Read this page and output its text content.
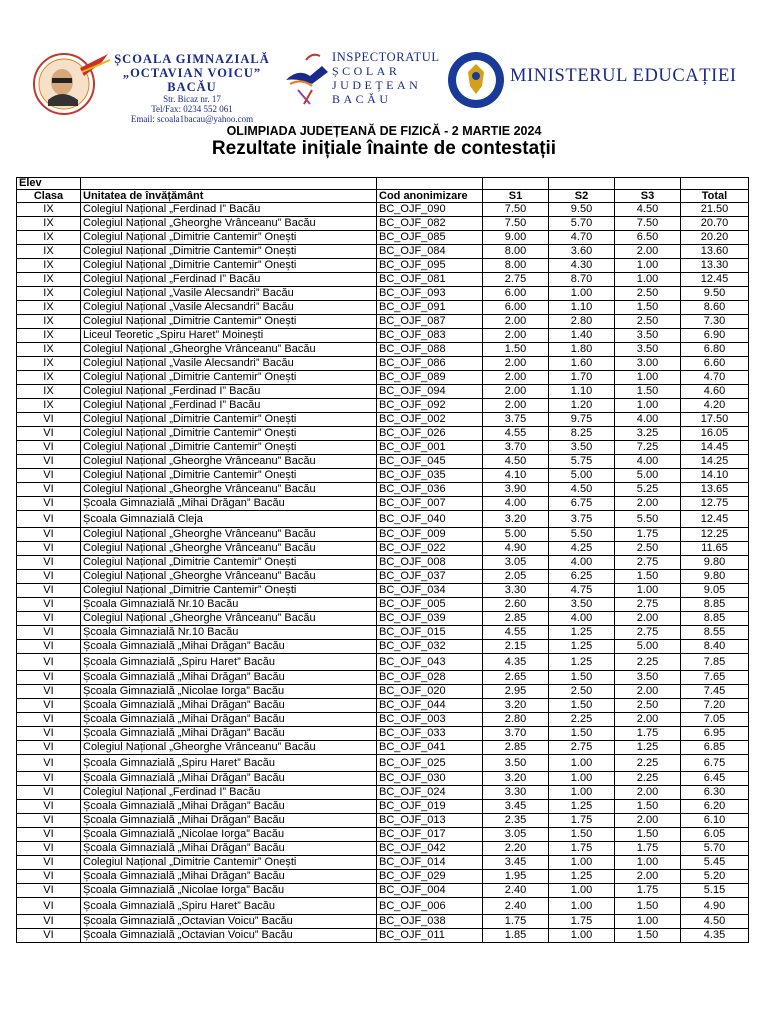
ȘCOALA GIMNAZIALĂ
„OCTAVIAN VOICU” BACĂU
Str. Bicaz nr. 17
Tel/Fax: 0234 552 061
Email: scoala1bacau@yahoo.com
INSPECTORATUL
ȘCOLAR
JUDEȚEAN
BACĂU
MINISTERUL EDUCAȚIEI
OLIMPIADA JUDEȚEANĂ DE FIZICĂ - 2 MARTIE 2024
Rezultate inițiale înainte de contestații
Elev						
Clasa	Unitatea de învățământ	Cod anonimizare	S1	S2	S3	Total
IX	Colegiul Național „Ferdinad I” Bacău	BC_OJF_090	7.50	9.50	4.50	21.50
IX	Colegiul Național „Gheorghe Vrânceanu” Bacău	BC_OJF_082	7.50	5.70	7.50	20.70
IX	Colegiul Național „Dimitrie Cantemir” Onești	BC_OJF_085	9.00	4.70	6.50	20.20
IX	Colegiul Național „Dimitrie Cantemir” Onești	BC_OJF_084	8.00	3.60	2.00	13.60
IX	Colegiul Național „Dimitrie Cantemir” Onești	BC_OJF_095	8.00	4.30	1.00	13.30
IX	Colegiul Național „Ferdinad I” Bacău	BC_OJF_081	2.75	8.70	1.00	12.45
IX	Colegiul Național „Vasile Alecsandri” Bacău	BC_OJF_093	6.00	1.00	2.50	9.50
IX	Colegiul Național „Vasile Alecsandri” Bacău	BC_OJF_091	6.00	1.10	1.50	8.60
IX	Colegiul Național „Dimitrie Cantemir” Onești	BC_OJF_087	2.00	2.80	2.50	7.30
IX	Liceul Teoretic „Spiru Haret” Moinești	BC_OJF_083	2.00	1.40	3.50	6.90
IX	Colegiul Național „Gheorghe Vrânceanu” Bacău	BC_OJF_088	1.50	1.80	3.50	6.80
IX	Colegiul Național „Vasile Alecsandri” Bacău	BC_OJF_086	2.00	1.60	3.00	6.60
IX	Colegiul Național „Dimitrie Cantemir” Onești	BC_OJF_089	2.00	1.70	1.00	4.70
IX	Colegiul Național „Ferdinad I” Bacău	BC_OJF_094	2.00	1.10	1.50	4.60
IX	Colegiul Național „Ferdinad I” Bacău	BC_OJF_092	2.00	1.20	1.00	4.20
VI	Colegiul Național „Dimitrie Cantemir” Onești	BC_OJF_002	3.75	9.75	4.00	17.50
VI	Colegiul Național „Dimitrie Cantemir” Onești	BC_OJF_026	4.55	8.25	3.25	16.05
VI	Colegiul Național „Dimitrie Cantemir” Onești	BC_OJF_001	3.70	3.50	7.25	14.45
VI	Colegiul Național „Gheorghe Vrânceanu” Bacău	BC_OJF_045	4.50	5.75	4.00	14.25
VI	Colegiul Național „Dimitrie Cantemir” Onești	BC_OJF_035	4.10	5.00	5.00	14.10
VI	Colegiul Național „Gheorghe Vrânceanu” Bacău	BC_OJF_036	3.90	4.50	5.25	13.65
VI	Școala Gimnazială „Mihai Drăgan” Bacău	BC_OJF_007	4.00	6.75	2.00	12.75
VI	Școala Gimnazială Cleja	BC_OJF_040	3.20	3.75	5.50	12.45
VI	Colegiul Național „Gheorghe Vrânceanu” Bacău	BC_OJF_009	5.00	5.50	1.75	12.25
VI	Colegiul Național „Gheorghe Vrânceanu” Bacău	BC_OJF_022	4.90	4.25	2.50	11.65
VI	Colegiul Național „Dimitrie Cantemir” Onești	BC_OJF_008	3.05	4.00	2.75	9.80
VI	Colegiul Național „Gheorghe Vrânceanu” Bacău	BC_OJF_037	2.05	6.25	1.50	9.80
VI	Colegiul Național „Dimitrie Cantemir” Onești	BC_OJF_034	3.30	4.75	1.00	9.05
VI	Școala Gimnazială Nr.10 Bacău	BC_OJF_005	2.60	3.50	2.75	8.85
VI	Colegiul Național „Gheorghe Vrânceanu” Bacău	BC_OJF_039	2.85	4.00	2.00	8.85
VI	Școala Gimnazială Nr.10 Bacău	BC_OJF_015	4.55	1.25	2.75	8.55
VI	Școala Gimnazială „Mihai Drăgan” Bacău	BC_OJF_032	2.15	1.25	5.00	8.40
VI	Școala Gimnazială „Spiru Haret” Bacău	BC_OJF_043	4.35	1.25	2.25	7.85
VI	Școala Gimnazială „Mihai Drăgan” Bacău	BC_OJF_028	2.65	1.50	3.50	7.65
VI	Școala Gimnazială „Nicolae Iorga” Bacău	BC_OJF_020	2.95	2.50	2.00	7.45
VI	Școala Gimnazială „Mihai Drăgan” Bacău	BC_OJF_044	3.20	1.50	2.50	7.20
VI	Școala Gimnazială „Mihai Drăgan” Bacău	BC_OJF_003	2.80	2.25	2.00	7.05
VI	Școala Gimnazială „Mihai Drăgan” Bacău	BC_OJF_033	3.70	1.50	1.75	6.95
VI	Colegiul Național „Gheorghe Vrânceanu” Bacău	BC_OJF_041	2.85	2.75	1.25	6.85
VI	Școala Gimnazială „Spiru Haret” Bacău	BC_OJF_025	3.50	1.00	2.25	6.75
VI	Școala Gimnazială „Mihai Drăgan” Bacău	BC_OJF_030	3.20	1.00	2.25	6.45
VI	Colegiul Național „Ferdinad I” Bacău	BC_OJF_024	3.30	1.00	2.00	6.30
VI	Școala Gimnazială „Mihai Drăgan” Bacău	BC_OJF_019	3.45	1.25	1.50	6.20
VI	Școala Gimnazială „Mihai Drăgan” Bacău	BC_OJF_013	2.35	1.75	2.00	6.10
VI	Școala Gimnazială „Nicolae Iorga” Bacău	BC_OJF_017	3.05	1.50	1.50	6.05
VI	Școala Gimnazială „Mihai Drăgan” Bacău	BC_OJF_042	2.20	1.75	1.75	5.70
VI	Colegiul Național „Dimitrie Cantemir” Onești	BC_OJF_014	3.45	1.00	1.00	5.45
VI	Școala Gimnazială „Mihai Drăgan” Bacău	BC_OJF_029	1.95	1.25	2.00	5.20
VI	Școala Gimnazială „Nicolae Iorga” Bacău	BC_OJF_004	2.40	1.00	1.75	5.15
VI	Școala Gimnazială „Spiru Haret” Bacău	BC_OJF_006	2.40	1.00	1.50	4.90
VI	Școala Gimnazială „Octavian Voicu” Bacău	BC_OJF_038	1.75	1.75	1.00	4.50
VI	Școala Gimnazială „Octavian Voicu” Bacău	BC_OJF_011	1.85	1.00	1.50	4.35
